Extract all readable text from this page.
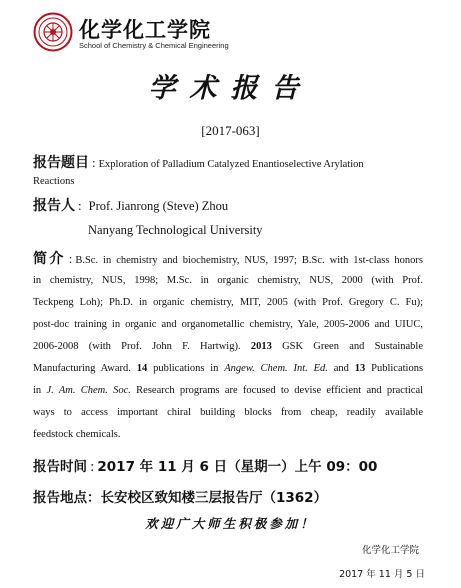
化学化工学院
School of Chemistry & Chemical Engineering
学术报告
[2017-063]
报告题目 : Exploration of Palladium Catalyzed Enantioselective Arylation
Reactions
报告人 : Prof. Jianrong (Steve) Zhou
Nanyang Technological University
简介 : B.Sc. in chemistry and biochemistry, NUS, 1997; B.Sc. with 1st-class honors
in chemistry, NUS, 1998; M.Sc. in organic chemistry, NUS, 2000 (with Prof.
Teckpeng Loh); Ph.D. in organic chemistry, MIT, 2005 (with Prof. Gregory C. Fu);
post-doc training in organic and organometallic chemistry, Yale, 2005-2006 and UIUC,
2006-2008 (with Prof. John F. Hartwig). 2013 GSK Green and Sustainable
Manufacturing Award. 14 publications in Angew. Chem. Int. Ed. and 13 Publications
in J. Am. Chem. Soc. Research programs are focused to devise efficient and practical
ways to access important chiral building blocks from cheap, readily available
feedstock chemicals.
报告时间 : 2017 年 11 月 6 日（星期一）上午 09：00
报告地点：长安校区致知楼三层报告厅（1362）
欢迎广大师生积极参加！
化学化工学院
2017 年 11 月 5 日
